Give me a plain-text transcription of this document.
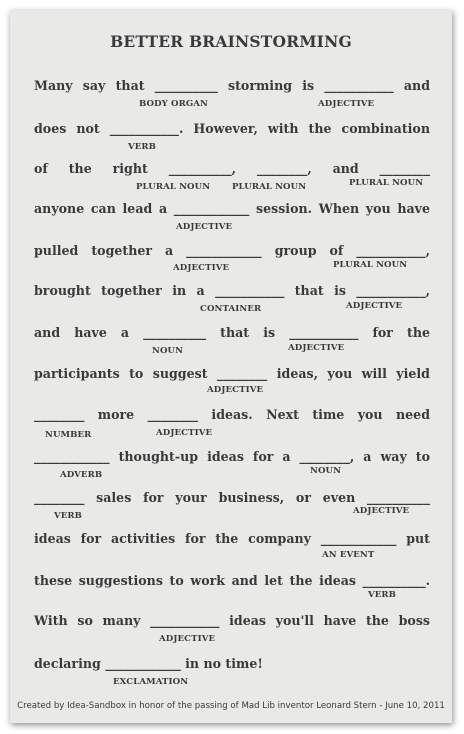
BETTER BRAINSTORMING
Many say that __________ storming is ___________ and
BODY ORGAN	ADJECTIVE
does not ___________. However, with the combination
VERB
of the right __________, ________, and ________
PLURAL NOUN	PLURAL NOUN	PLURAL NOUN
anyone can lead a ____________ session. When you have
ADJECTIVE
pulled together a ____________ group of ___________,
ADJECTIVE	PLURAL NOUN
brought together in a ___________ that is ___________,
CONTAINER	ADJECTIVE
and have a __________ that is ___________ for the
NOUN	ADJECTIVE
participants to suggest ________ ideas, you will yield
ADJECTIVE
________ more ________ ideas. Next time you need
NUMBER	ADJECTIVE
____________ thought-up ideas for a ________, a way to
ADVERB	NOUN
________ sales for your business, or even __________
VERB	ADJECTIVE
ideas for activities for the company ____________ put
AN EVENT
these suggestions to work and let the ideas __________.
VERB
With so many ___________ ideas you'll have the boss
ADJECTIVE
declaring ____________ in no time!
EXCLAMATION
Created by Idea-Sandbox in honor of the passing of Mad Lib inventor Leonard Stern - June 10, 2011
